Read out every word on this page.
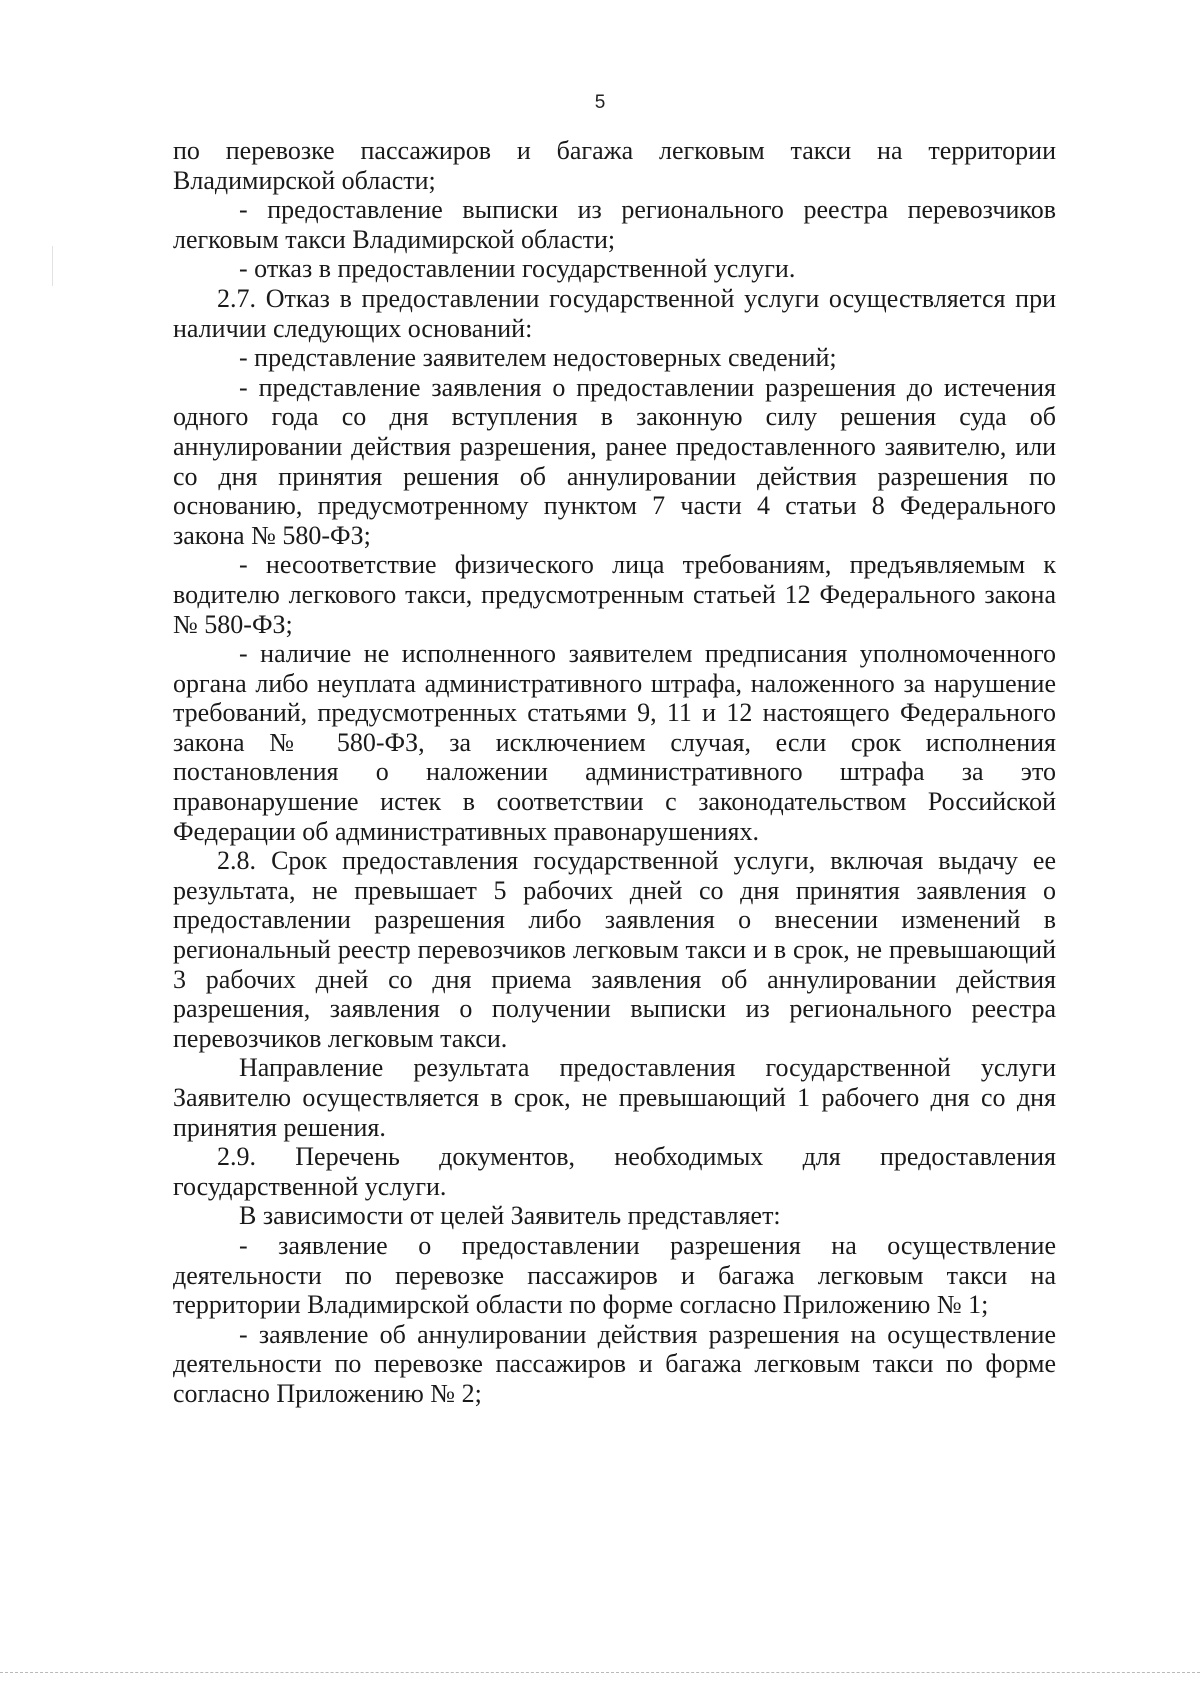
5

по перевозке пассажиров и багажа легковым такси на территории Владимирской области;

- предоставление выписки из регионального реестра перевозчиков легковым такси Владимирской области;

- отказ в предоставлении государственной услуги.

2.7. Отказ в предоставлении государственной услуги осуществляется при наличии следующих оснований:

- представление заявителем недостоверных сведений;

- представление заявления о предоставлении разрешения до истечения одного года со дня вступления в законную силу решения суда об аннулировании действия разрешения, ранее предоставленного заявителю, или со дня принятия решения об аннулировании действия разрешения по основанию, предусмотренному пунктом 7 части 4 статьи 8 Федерального закона № 580-ФЗ;

- несоответствие физического лица требованиям, предъявляемым к водителю легкового такси, предусмотренным статьей 12 Федерального закона № 580-ФЗ;

- наличие не исполненного заявителем предписания уполномоченного органа либо неуплата административного штрафа, наложенного за нарушение требований, предусмотренных статьями 9, 11 и 12 настоящего Федерального закона № 580-ФЗ, за исключением случая, если срок исполнения постановления о наложении административного штрафа за это правонарушение истек в соответствии с законодательством Российской Федерации об административных правонарушениях.

2.8. Срок предоставления государственной услуги, включая выдачу ее результата, не превышает 5 рабочих дней со дня принятия заявления о предоставлении разрешения либо заявления о внесении изменений в региональный реестр перевозчиков легковым такси и в срок, не превышающий 3 рабочих дней со дня приема заявления об аннулировании действия разрешения, заявления о получении выписки из регионального реестра перевозчиков легковым такси.

Направление результата предоставления государственной услуги Заявителю осуществляется в срок, не превышающий 1 рабочего дня со дня принятия решения.

2.9. Перечень документов, необходимых для предоставления государственной услуги.

В зависимости от целей Заявитель представляет:

- заявление о предоставлении разрешения на осуществление деятельности по перевозке пассажиров и багажа легковым такси на территории Владимирской области по форме согласно Приложению № 1;

- заявление об аннулировании действия разрешения на осуществление деятельности по перевозке пассажиров и багажа легковым такси по форме согласно Приложению № 2;
